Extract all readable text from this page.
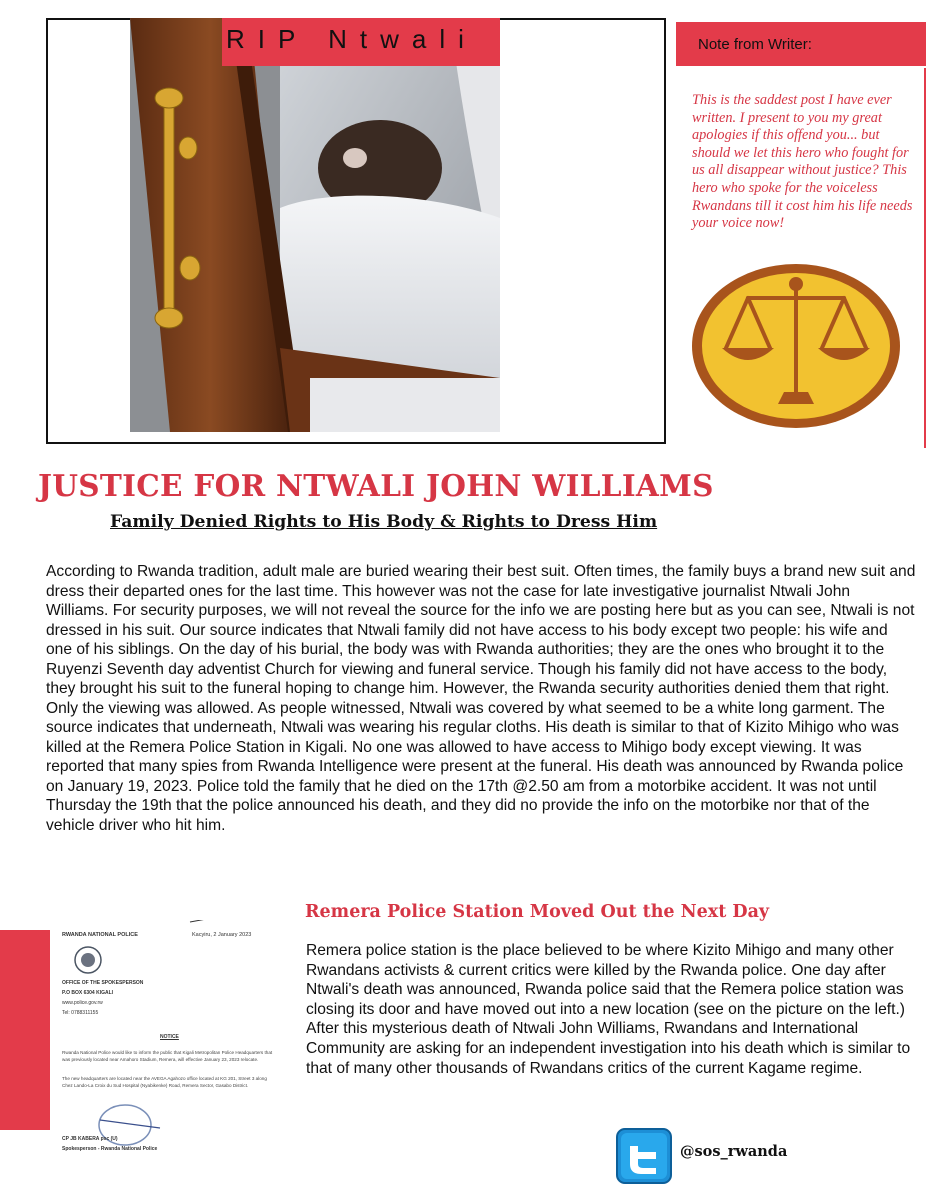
RIP Ntwali	Note from Writer:
This is the saddest post I have ever written. I present to you my great apologies if this offend you... but should we let this hero who fought for us all disappear without justice? This hero who spoke for the voiceless Rwandans till it cost him his life needs your voice now!
JUSTICE FOR NTWALI JOHN WILLIAMS
Family Denied Rights to His Body & Rights to Dress Him
According to Rwanda tradition, adult male are buried wearing their best suit. Often times, the family buys a brand new suit and dress their departed ones for the last time. This however was not the case for late investigative journalist Ntwali John Williams. For security purposes, we will not reveal the source for the info we are posting here but as you can see, Ntwali is not dressed in his suit. Our source indicates that Ntwali family did not have access to his body except two people: his wife and one of his siblings. On the day of his burial, the body was with Rwanda authorities; they are the ones who brought it to the Ruyenzi Seventh day adventist Church for viewing and funeral service. Though his family did not have access to the body, they brought his suit to the funeral hoping to change him. However, the Rwanda security authorities denied them that right. Only the viewing was allowed. As people witnessed, Ntwali was covered by what seemed to be a white long garment. The source indicates that underneath, Ntwali was wearing his regular cloths. His death is similar to that of Kizito Mihigo who was killed at the Remera Police Station in Kigali. No one was allowed to have access to Mihigo body except viewing. It was reported that many spies from Rwanda Intelligence were present at the funeral. His death was announced by Rwanda police on January 19, 2023. Police told the family that he died on the 17th @2.50 am from a motorbike accident. It was not until Thursday the 19th that the police announced his death, and they did no provide the info on the motorbike nor that of the vehicle driver who hit him.
RWANDA NATIONAL POLICE	Kacyiru, 2 January 2023
OFFICE OF THE SPOKESPERSON
P.O BOX 6304 KIGALI
www.police.gov.rw
Tel: 0788311155
NOTICE
Rwanda National Police would like to inform the public that Kigali Metropolitan Police Headquarters that was previously located near Amahoro Stadium, Remera, will effective January 23, 2023 relocate.
The new headquarters are located near the AVEGA Agahozo office located at KG 201, Street 3 along Chez Lando-La Croix du Sud Hospital (Nyabikenke) Road, Remera Sector, Gasabo District.
CP JB KABERA psc (U)
Spokesperson - Rwanda National Police
Remera Police Station Moved Out the Next Day
Remera police station is the place believed to be where Kizito Mihigo and many other Rwandans activists & current critics were killed by the Rwanda police. One day after Ntwali's death was announced, Rwanda police said that the Remera police station was closing its door and have moved out into a new location (see on the picture on the left.) After this mysterious death of Ntwali John Williams, Rwandans and International Community are asking for an independent investigation into his death which is similar to that of many other thousands of Rwandans critics of the current Kagame regime.
@sos_rwanda
